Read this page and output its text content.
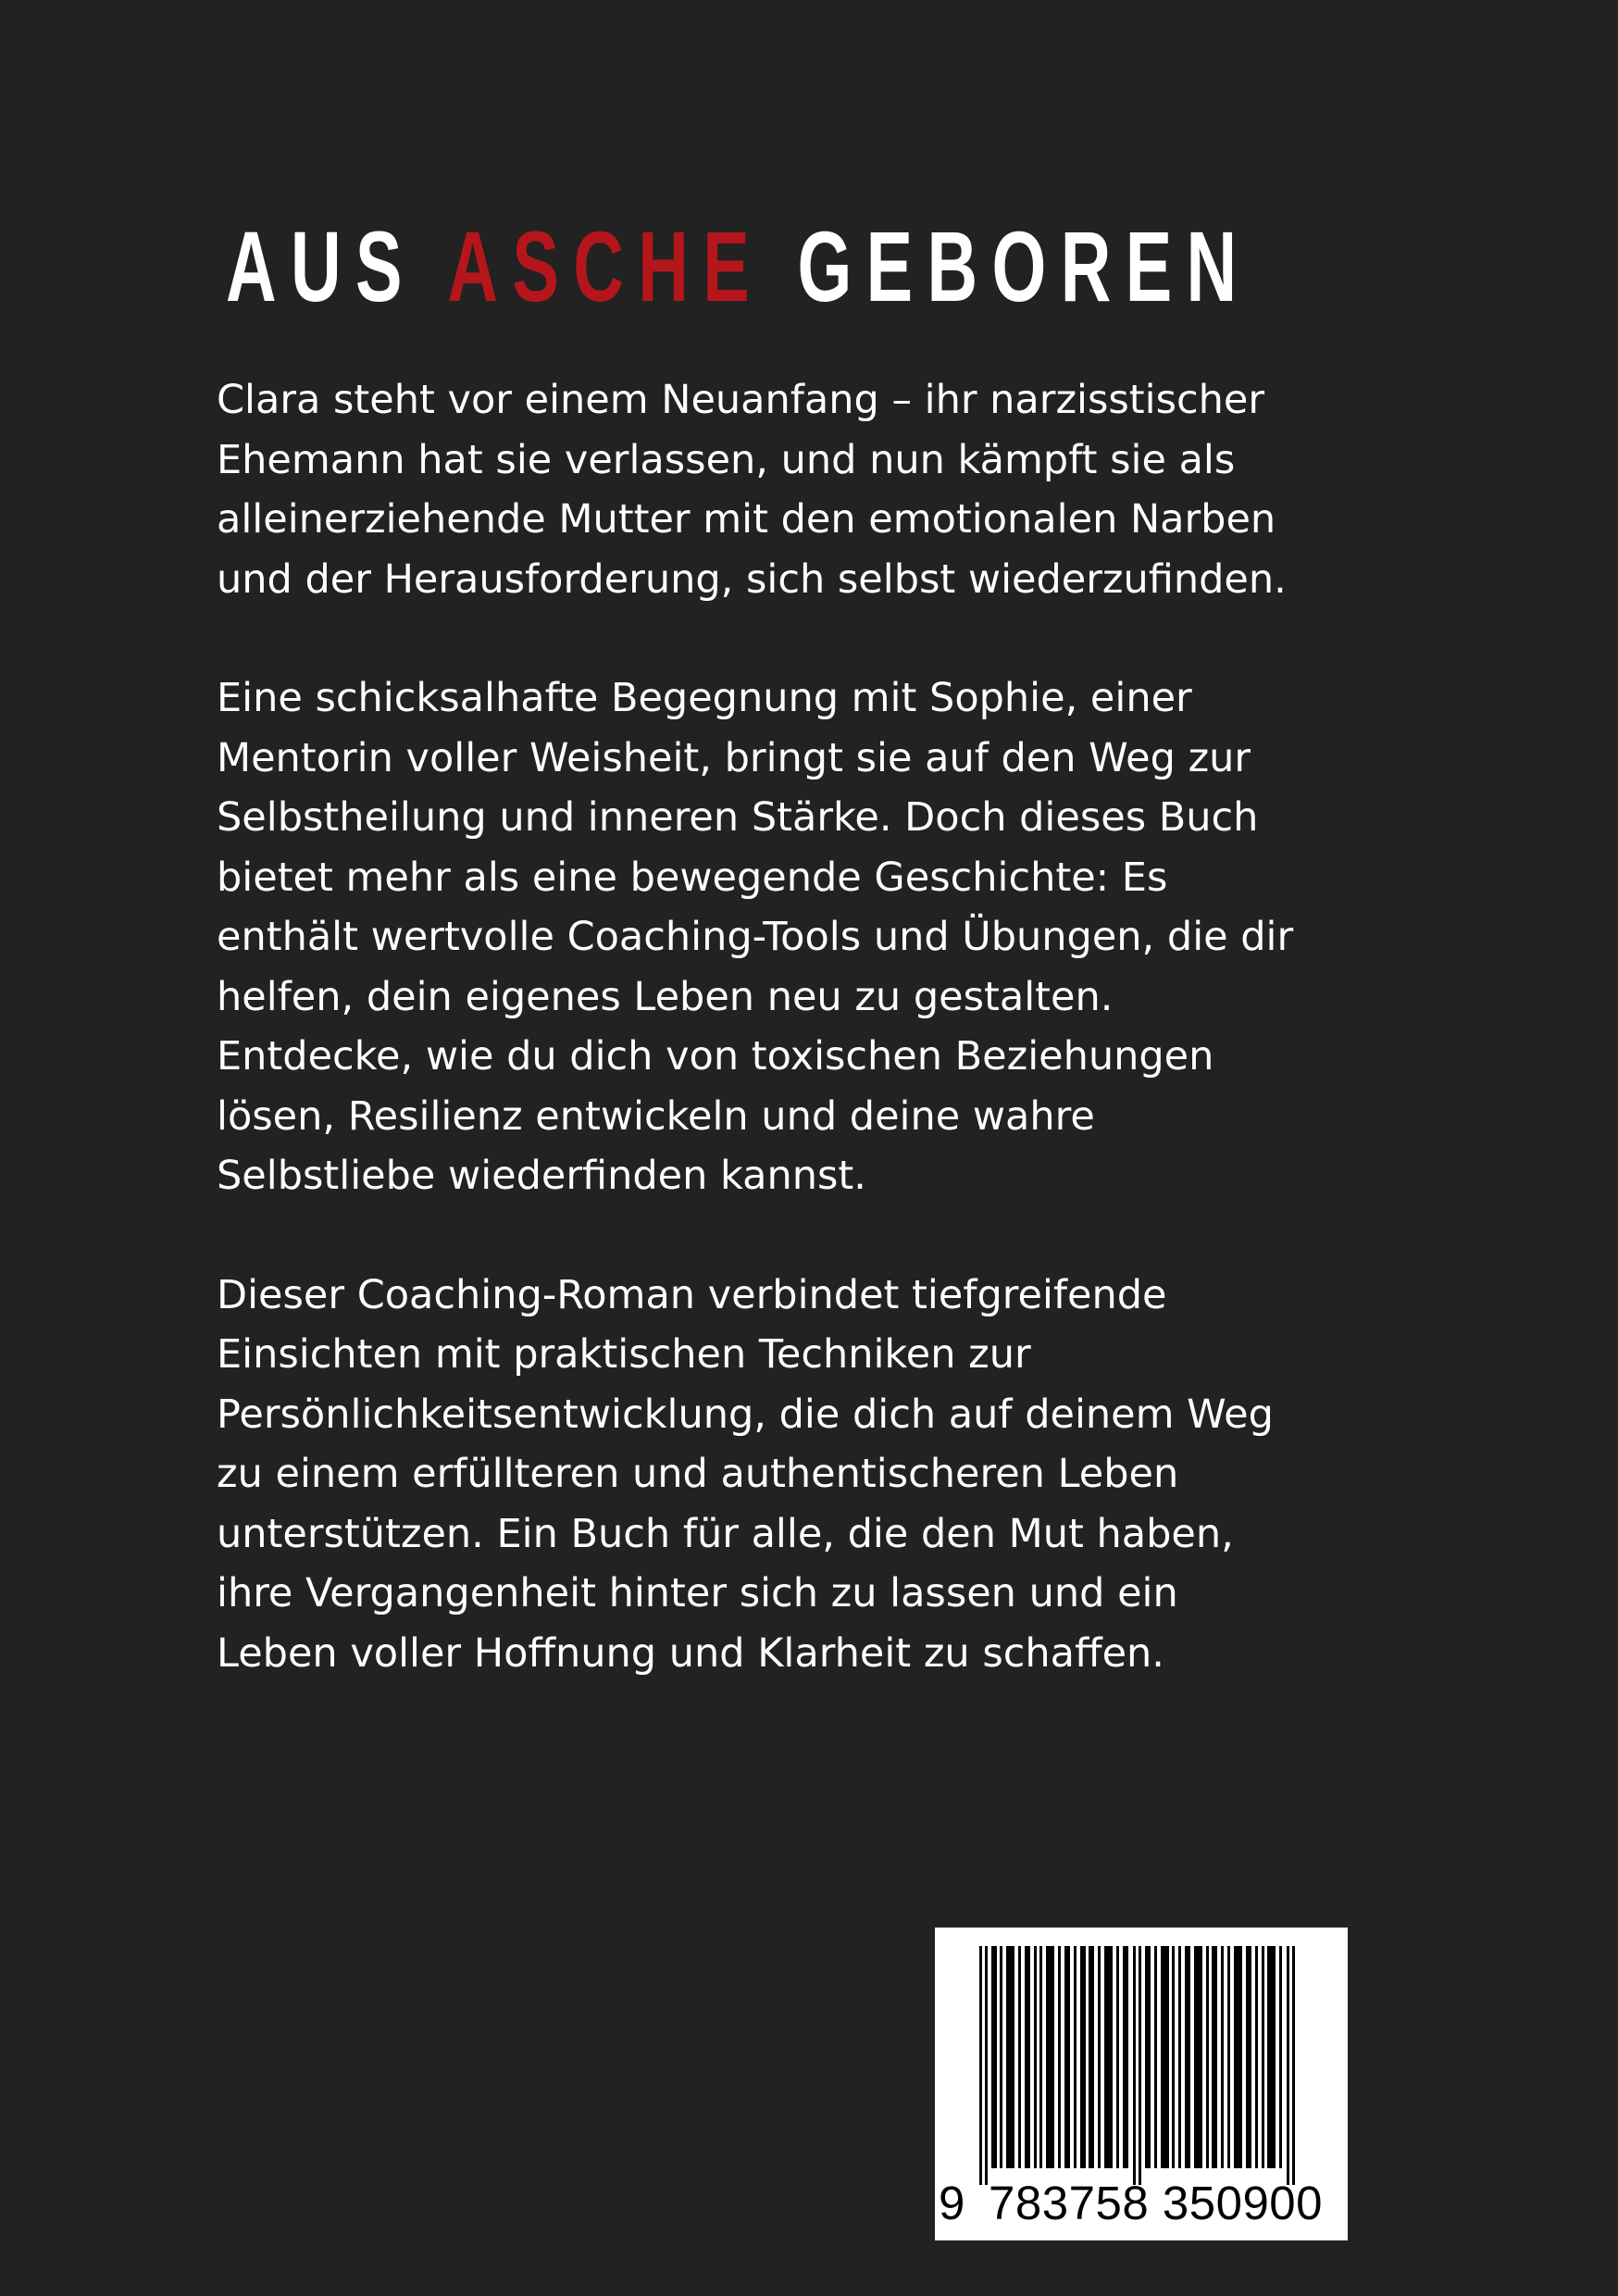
AUS ASCHE GEBOREN

Clara steht vor einem Neuanfang – ihr narzisstischer Ehemann hat sie verlassen, und nun kämpft sie als alleinerziehende Mutter mit den emotionalen Narben und der Herausforderung, sich selbst wiederzufinden.

Eine schicksalhafte Begegnung mit Sophie, einer Mentorin voller Weisheit, bringt sie auf den Weg zur Selbstheilung und inneren Stärke. Doch dieses Buch bietet mehr als eine bewegende Geschichte: Es enthält wertvolle Coaching-Tools und Übungen, die dir helfen, dein eigenes Leben neu zu gestalten. Entdecke, wie du dich von toxischen Beziehungen lösen, Resilienz entwickeln und deine wahre Selbstliebe wiederfinden kannst.

Dieser Coaching-Roman verbindet tiefgreifende Einsichten mit praktischen Techniken zur Persönlichkeitsentwicklung, die dich auf deinem Weg zu einem erfüllteren und authentischeren Leben unterstützen. Ein Buch für alle, die den Mut haben, ihre Vergangenheit hinter sich zu lassen und ein Leben voller Hoffnung und Klarheit zu schaffen.

9 783758 350900
